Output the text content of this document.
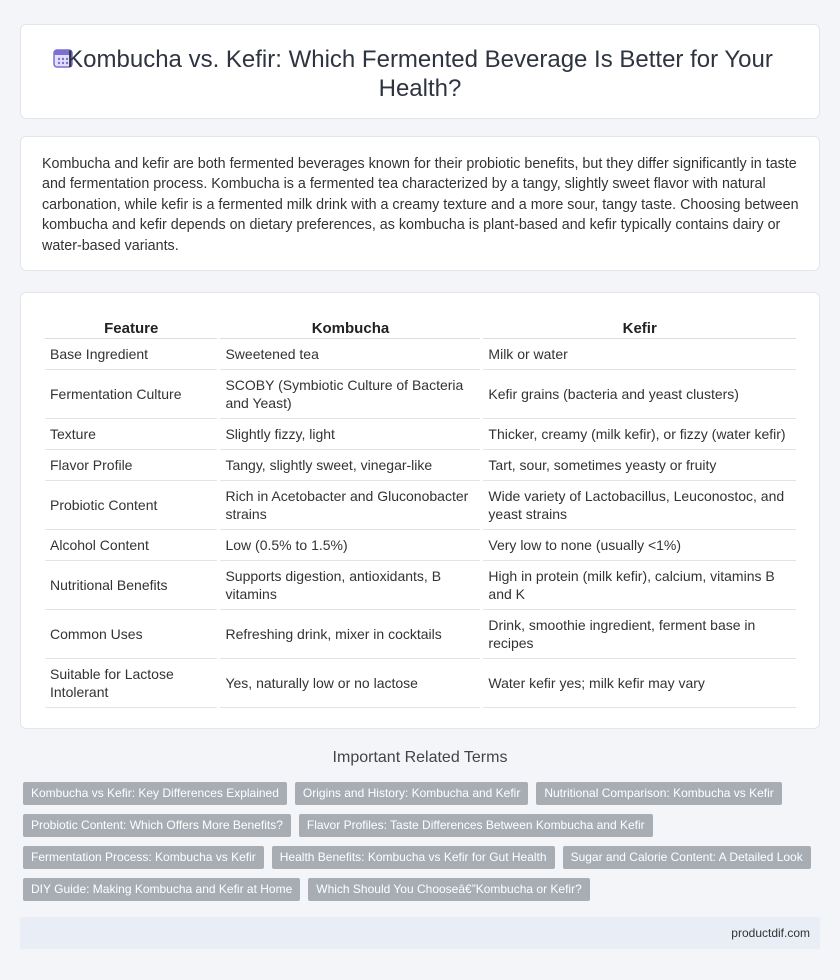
Kombucha vs. Kefir: Which Fermented Beverage Is Better for Your
Health?

Kombucha and kefir are both fermented beverages known for their probiotic benefits, but they differ significantly in taste and fermentation process. Kombucha is a fermented tea characterized by a tangy, slightly sweet flavor with natural carbonation, while kefir is a fermented milk drink with a creamy texture and a more sour, tangy taste. Choosing between kombucha and kefir depends on dietary preferences, as kombucha is plant-based and kefir typically contains dairy or water-based variants.

Feature	Kombucha	Kefir
Base Ingredient	Sweetened tea	Milk or water
Fermentation Culture	SCOBY (Symbiotic Culture of Bacteria and Yeast)	Kefir grains (bacteria and yeast clusters)
Texture	Slightly fizzy, light	Thicker, creamy (milk kefir), or fizzy (water kefir)
Flavor Profile	Tangy, slightly sweet, vinegar-like	Tart, sour, sometimes yeasty or fruity
Probiotic Content	Rich in Acetobacter and Gluconobacter strains	Wide variety of Lactobacillus, Leuconostoc, and yeast strains
Alcohol Content	Low (0.5% to 1.5%)	Very low to none (usually <1%)
Nutritional Benefits	Supports digestion, antioxidants, B vitamins	High in protein (milk kefir), calcium, vitamins B and K
Common Uses	Refreshing drink, mixer in cocktails	Drink, smoothie ingredient, ferment base in recipes
Suitable for Lactose Intolerant	Yes, naturally low or no lactose	Water kefir yes; milk kefir may vary
Important Related Terms
Kombucha vs Kefir: Key Differences Explained	Origins and History: Kombucha and Kefir	Nutritional Comparison: Kombucha vs Kefir
Probiotic Content: Which Offers More Benefits?	Flavor Profiles: Taste Differences Between Kombucha and Kefir
Fermentation Process: Kombucha vs Kefir	Health Benefits: Kombucha vs Kefir for Gut Health	Sugar and Calorie Content: A Detailed Look
DIY Guide: Making Kombucha and Kefir at Home	Which Should You Chooseâ€”Kombucha or Kefir?
productdif.com
